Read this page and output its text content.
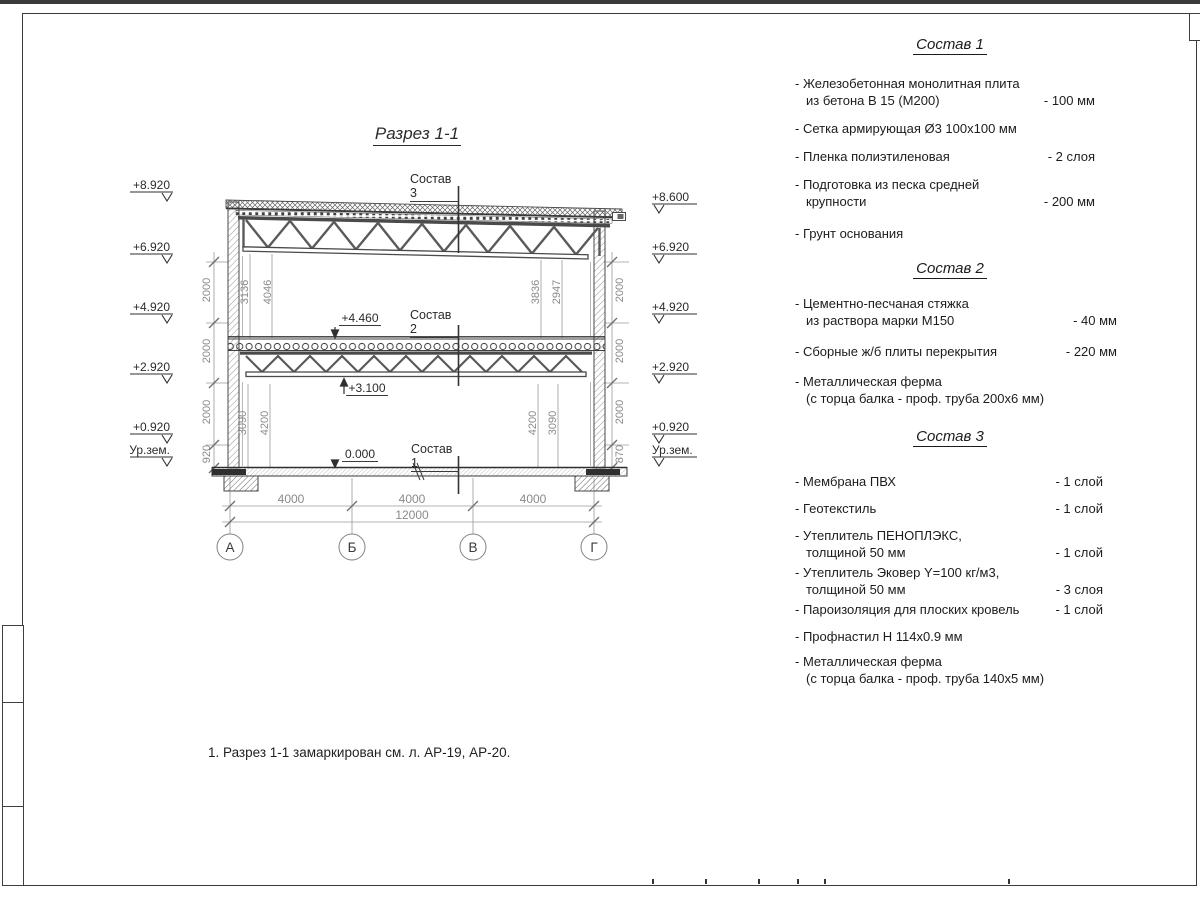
Разрез 1-1
+8.920
+6.920
+4.920
+2.920
+0.920
Ур.зем.
+8.600
+6.920
+4.920
+2.920
+0.920
Ур.зем.
2000
2000
2000
920
2000
2000
2000
870
3136 4046	3836 2947
3090 4200	4200 3090
4000	4000	4000
12000
А	Б	В	Г
Состав 3
Состав 2
Состав 1
+4.460
+3.100
0.000
Состав 1
- Железобетонная монолитная плита
из бетона В 15 (М200)	- 100 мм
- Сетка армирующая Ø3 100х100 мм
- Пленка полиэтиленовая	- 2 слоя
- Подготовка из песка средней
крупности	- 200 мм
- Грунт основания
Состав 2
- Цементно-песчаная стяжка
из раствора марки М150	- 40 мм
- Сборные ж/б плиты перекрытия	- 220 мм
- Металлическая ферма
(с торца балка - проф. труба 200х6 мм)
Состав 3
- Мембрана ПВХ	- 1 слой
- Геотекстиль	- 1 слой
- Утеплитель ПЕНОПЛЭКС,
толщиной 50 мм	- 1 слой
- Утеплитель Эковер Y=100 кг/м3,
толщиной 50 мм	- 3 слоя
- Пароизоляция для плоских кровель	- 1 слой
- Профнастил Н 114х0.9 мм
- Металлическая ферма
(с торца балка - проф. труба 140х5 мм)
1. Разрез 1-1 замаркирован см. л. АР-19, АР-20.
